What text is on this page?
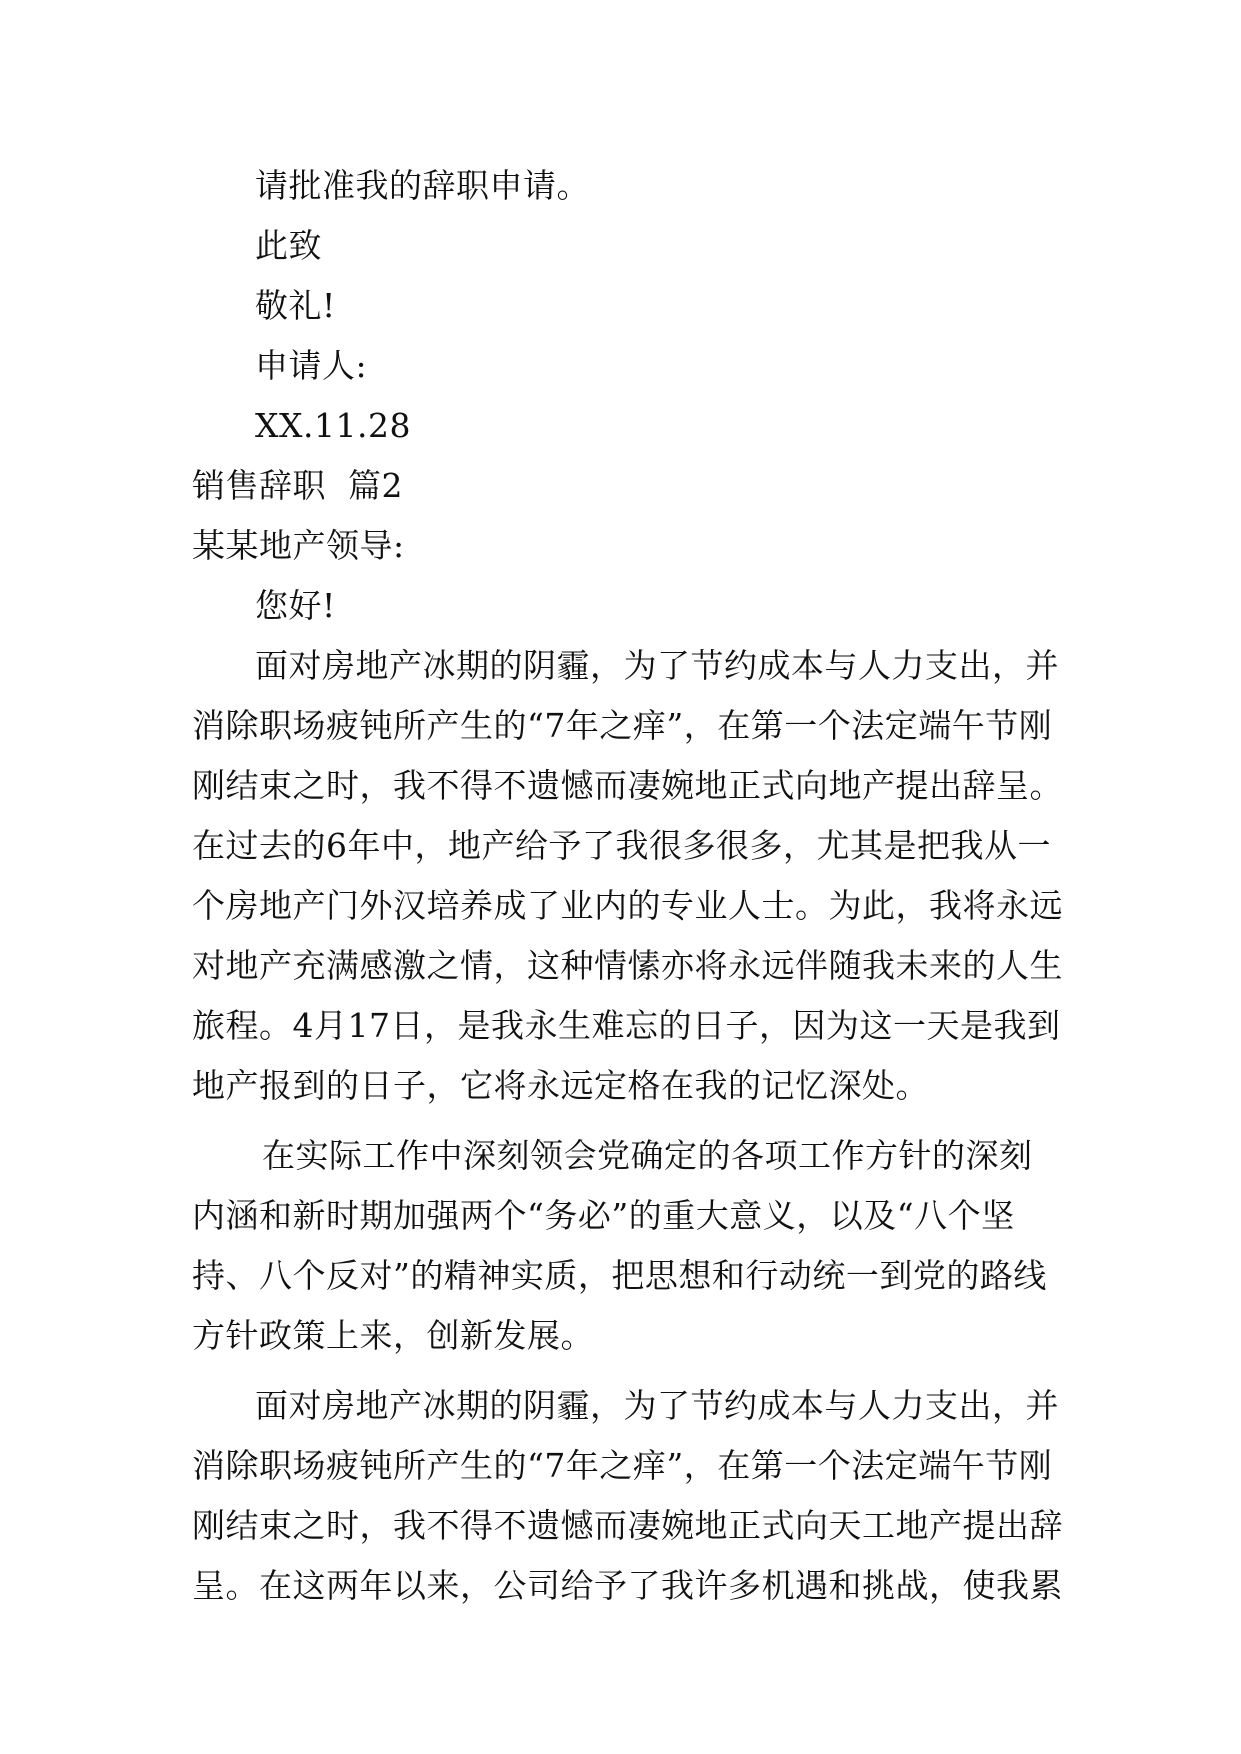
请批准我的辞职申请。
此致
敬礼!
申请人:
XX.11.28
销售辞职  篇2
某某地产领导:
您好!
面对房地产冰期的阴霾，为了节约成本与人力支出，并
消除职场疲钝所产生的“7年之痒”，在第一个法定端午节刚
刚结束之时，我不得不遗憾而凄婉地正式向地产提出辞呈。
在过去的6年中，地产给予了我很多很多，尤其是把我从一
个房地产门外汉培养成了业内的专业人士。为此，我将永远
对地产充满感激之情，这种情愫亦将永远伴随我未来的人生
旅程。4月17日，是我永生难忘的日子，因为这一天是我到
地产报到的日子，它将永远定格在我的记忆深处。
在实际工作中深刻领会党确定的各项工作方针的深刻
内涵和新时期加强两个“务必”的重大意义，以及“八个坚
持、八个反对”的精神实质，把思想和行动统一到党的路线
方针政策上来，创新发展。
面对房地产冰期的阴霾，为了节约成本与人力支出，并
消除职场疲钝所产生的“7年之痒”，在第一个法定端午节刚
刚结束之时，我不得不遗憾而凄婉地正式向天工地产提出辞
呈。在这两年以来，公司给予了我许多机遇和挑战，使我累
